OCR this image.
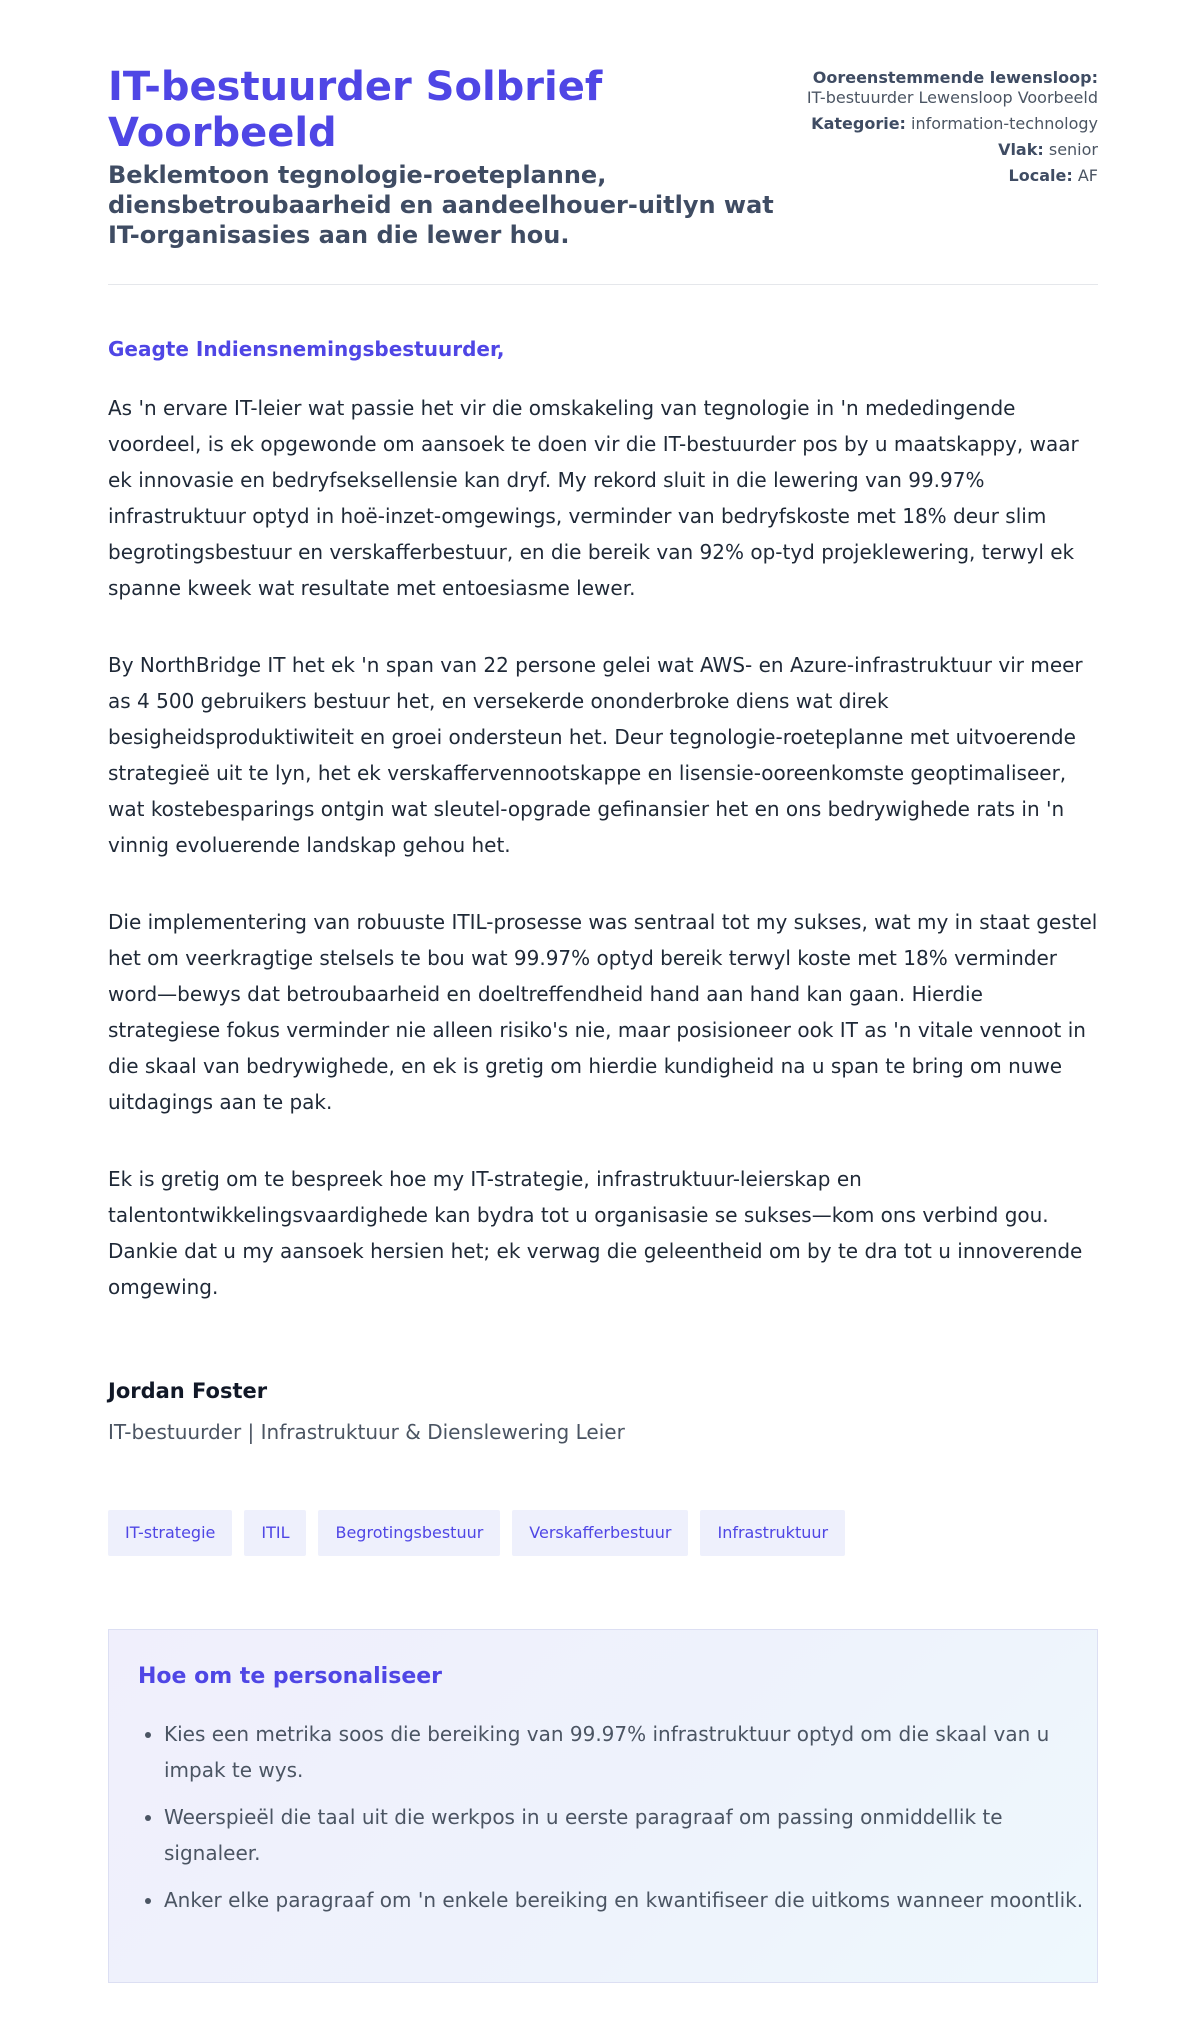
IT-bestuurder Solbrief Voorbeeld
Beklemtoon tegnologie-roeteplanne, diensbetroubaarheid en aandeelhouer-uitlyn wat IT-organisasies aan die lewer hou.
Ooreenstemmende lewensloop: IT-bestuurder Lewensloop Voorbeeld
Kategorie: information-technology
Vlak: senior
Locale: AF

Geagte Indiensnemingsbestuurder,

As 'n ervare IT-leier wat passie het vir die omskakeling van tegnologie in 'n mededingende voordeel, is ek opgewonde om aansoek te doen vir die IT-bestuurder pos by u maatskappy, waar ek innovasie en bedryfseksellensie kan dryf. My rekord sluit in die lewering van 99.97% infrastruktuur optyd in hoë-inzet-omgewings, verminder van bedryfskoste met 18% deur slim begrotingsbestuur en verskafferbestuur, en die bereik van 92% op-tyd projeklewering, terwyl ek spanne kweek wat resultate met entoesiasme lewer.

By NorthBridge IT het ek 'n span van 22 persone gelei wat AWS- en Azure-infrastruktuur vir meer as 4 500 gebruikers bestuur het, en versekerde ononderbroke diens wat direk besigheidsproduktiwiteit en groei ondersteun het. Deur tegnologie-roeteplanne met uitvoerende strategieë uit te lyn, het ek verskaffervennootskappe en lisensie-ooreenkomste geoptimaliseer, wat kostebesparings ontgin wat sleutel-opgrade gefinansier het en ons bedrywighede rats in 'n vinnig evoluerende landskap gehou het.

Die implementering van robuuste ITIL-prosesse was sentraal tot my sukses, wat my in staat gestel het om veerkragtige stelsels te bou wat 99.97% optyd bereik terwyl koste met 18% verminder word—bewys dat betroubaarheid en doeltreffendheid hand aan hand kan gaan. Hierdie strategiese fokus verminder nie alleen risiko's nie, maar posisioneer ook IT as 'n vitale vennoot in die skaal van bedrywighede, en ek is gretig om hierdie kundigheid na u span te bring om nuwe uitdagings aan te pak.

Ek is gretig om te bespreek hoe my IT-strategie, infrastruktuur-leierskap en talentontwikkelingsvaardighede kan bydra tot u organisasie se sukses—kom ons verbind gou. Dankie dat u my aansoek hersien het; ek verwag die geleentheid om by te dra tot u innoverende omgewing.

Jordan Foster

IT-bestuurder | Infrastruktuur & Dienslewering Leier

IT-strategie	ITIL	Begrotingsbestuur	Verskafferbestuur	Infrastruktuur
Hoe om te personaliseer
• Kies een metrika soos die bereiking van 99.97% infrastruktuur optyd om die skaal van u impak te wys.
• Weerspieël die taal uit die werkpos in u eerste paragraaf om passing onmiddellik te signaleer.
• Anker elke paragraaf om 'n enkele bereiking en kwantifiseer die uitkoms wanneer moontlik.
